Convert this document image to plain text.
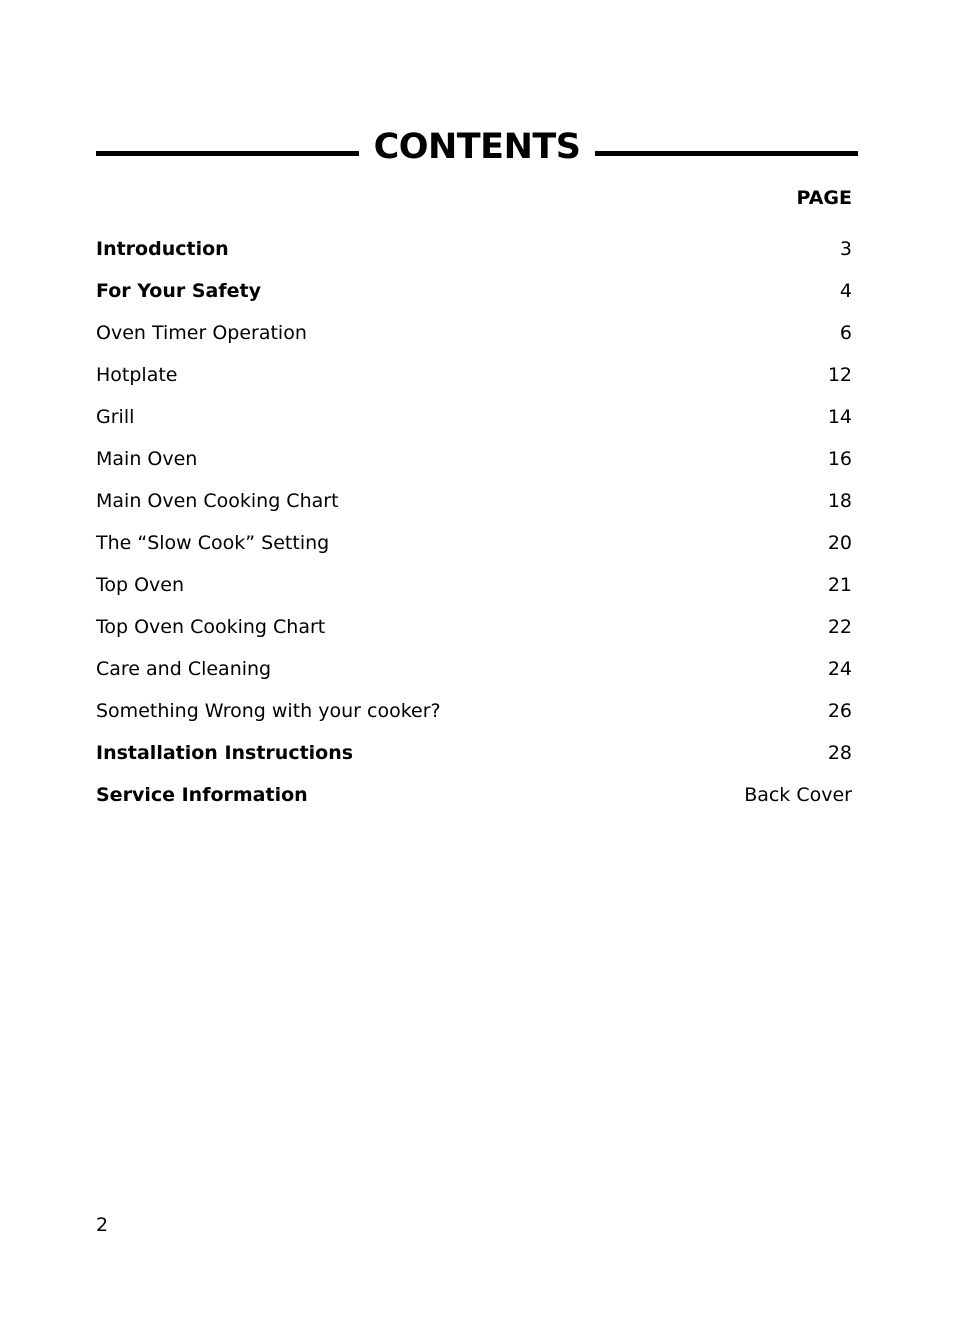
CONTENTS
PAGE
Introduction	3
For Your Safety	4
Oven Timer Operation	6
Hotplate	12
Grill	14
Main Oven	16
Main Oven Cooking Chart	18
The “Slow Cook” Setting	20
Top Oven	21
Top Oven Cooking Chart	22
Care and Cleaning	24
Something Wrong with your cooker?	26
Installation Instructions	28
Service Information	Back Cover
2
